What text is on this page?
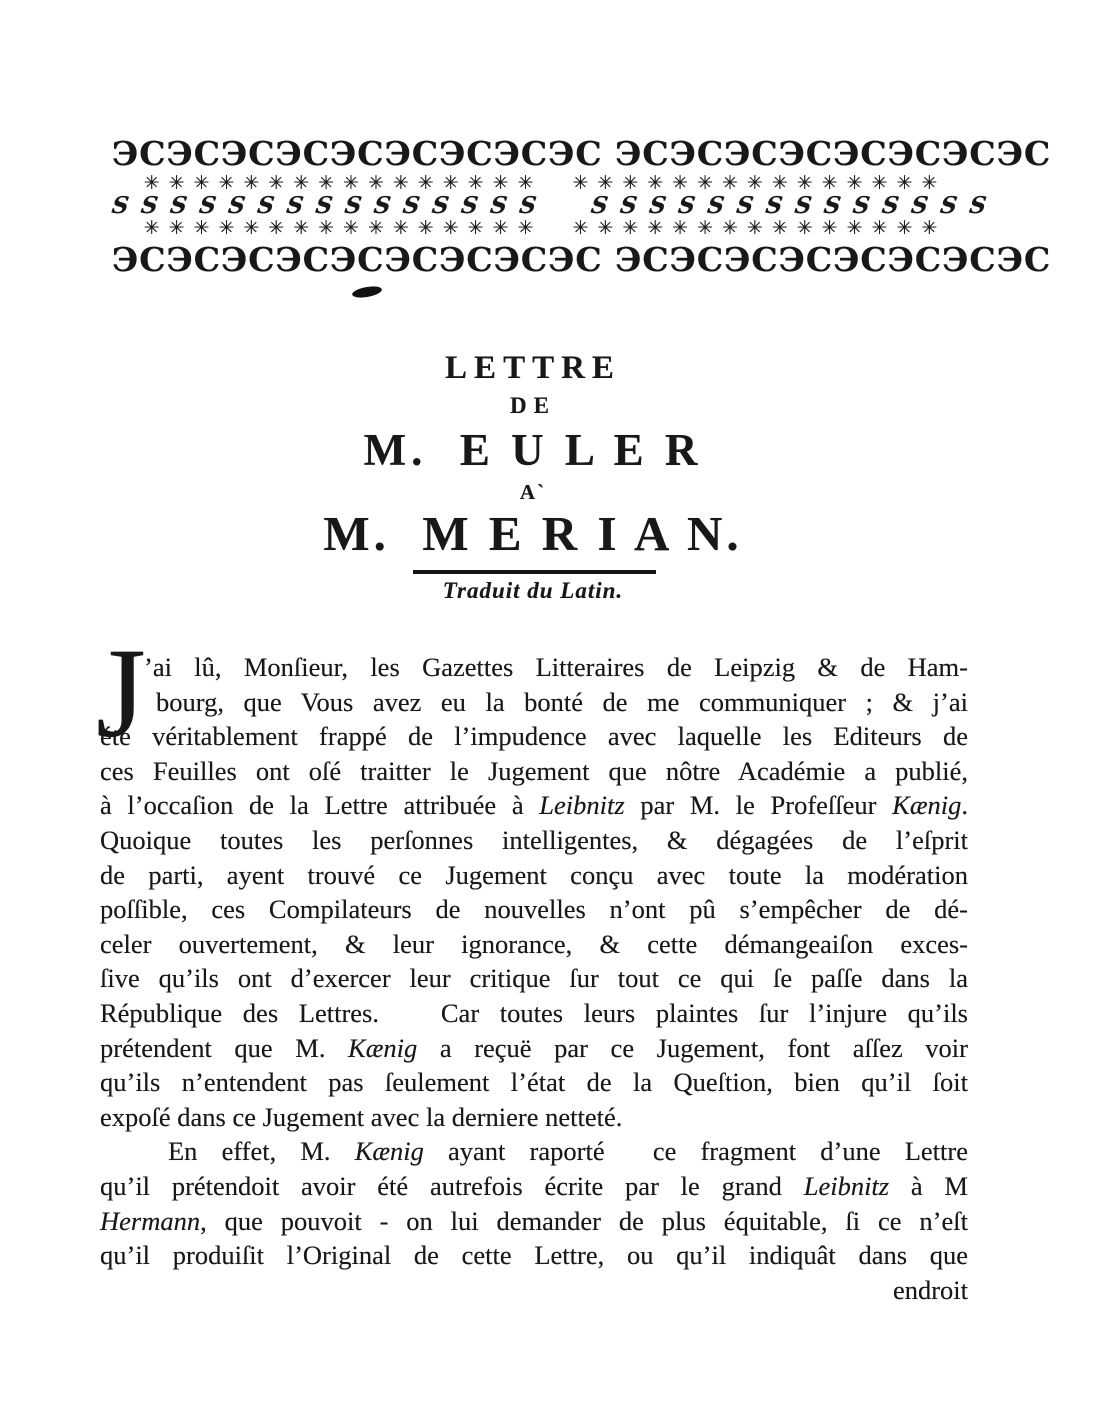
ЭСЭСЭСЭСЭСЭСЭСЭСЭС ЭСЭСЭСЭСЭСЭСЭСЭС
✳✳✳✳✳✳✳✳✳✳✳✳✳✳✳✳  ✳✳✳✳✳✳✳✳✳✳✳✳✳✳✳
SSSSSSSSSSSSSSS  SSSSSSSSSSSSSS
✳✳✳✳✳✳✳✳✳✳✳✳✳✳✳✳  ✳✳✳✳✳✳✳✳✳✳✳✳✳✳✳
ЭСЭСЭСЭСЭСЭСЭСЭСЭС ЭСЭСЭСЭСЭСЭСЭСЭС
LETTRE
DE
M.  E U L E R
A`
M.  M E R I A N.
Traduit du Latin.
J
’ai lû, Monſieur, les Gazettes Litteraires de Leipzig & de Ham-
bourg, que Vous avez eu la bonté de me communiquer ; & j’ai
été véritablement frappé de l’impudence avec laquelle les Editeurs de
ces Feuilles ont oſé traitter le Jugement que nôtre Académie a publié,
à l’occaſion de la Lettre attribuée à Leibnitz par M. le Profeſſeur Kænig.
Quoique toutes les perſonnes intelligentes, & dégagées de l’eſprit
de parti, ayent trouvé ce Jugement conçu avec toute la modération
poſſible, ces Compilateurs de nouvelles n’ont pû s’empêcher de dé-
celer ouvertement, & leur ignorance, & cette démangeaiſon exces-
ſive qu’ils ont d’exercer leur critique ſur tout ce qui ſe paſſe dans la
République des Lettres.   Car toutes leurs plaintes ſur l’injure qu’ils
prétendent que M. Kænig a reçuë par ce Jugement, font aſſez voir
qu’ils n’entendent pas ſeulement l’état de la Queſtion, bien qu’il ſoit
expoſé dans ce Jugement avec la derniere netteté.
En effet, M. Kænig ayant raporté  ce fragment d’une Lettre
qu’il prétendoit avoir été autrefois écrite par le grand Leibnitz à M
Hermann, que pouvoit - on lui demander de plus équitable, ſi ce n’eſt
qu’il produiſit l’Original de cette Lettre, ou qu’il indiquât dans que
endroit
